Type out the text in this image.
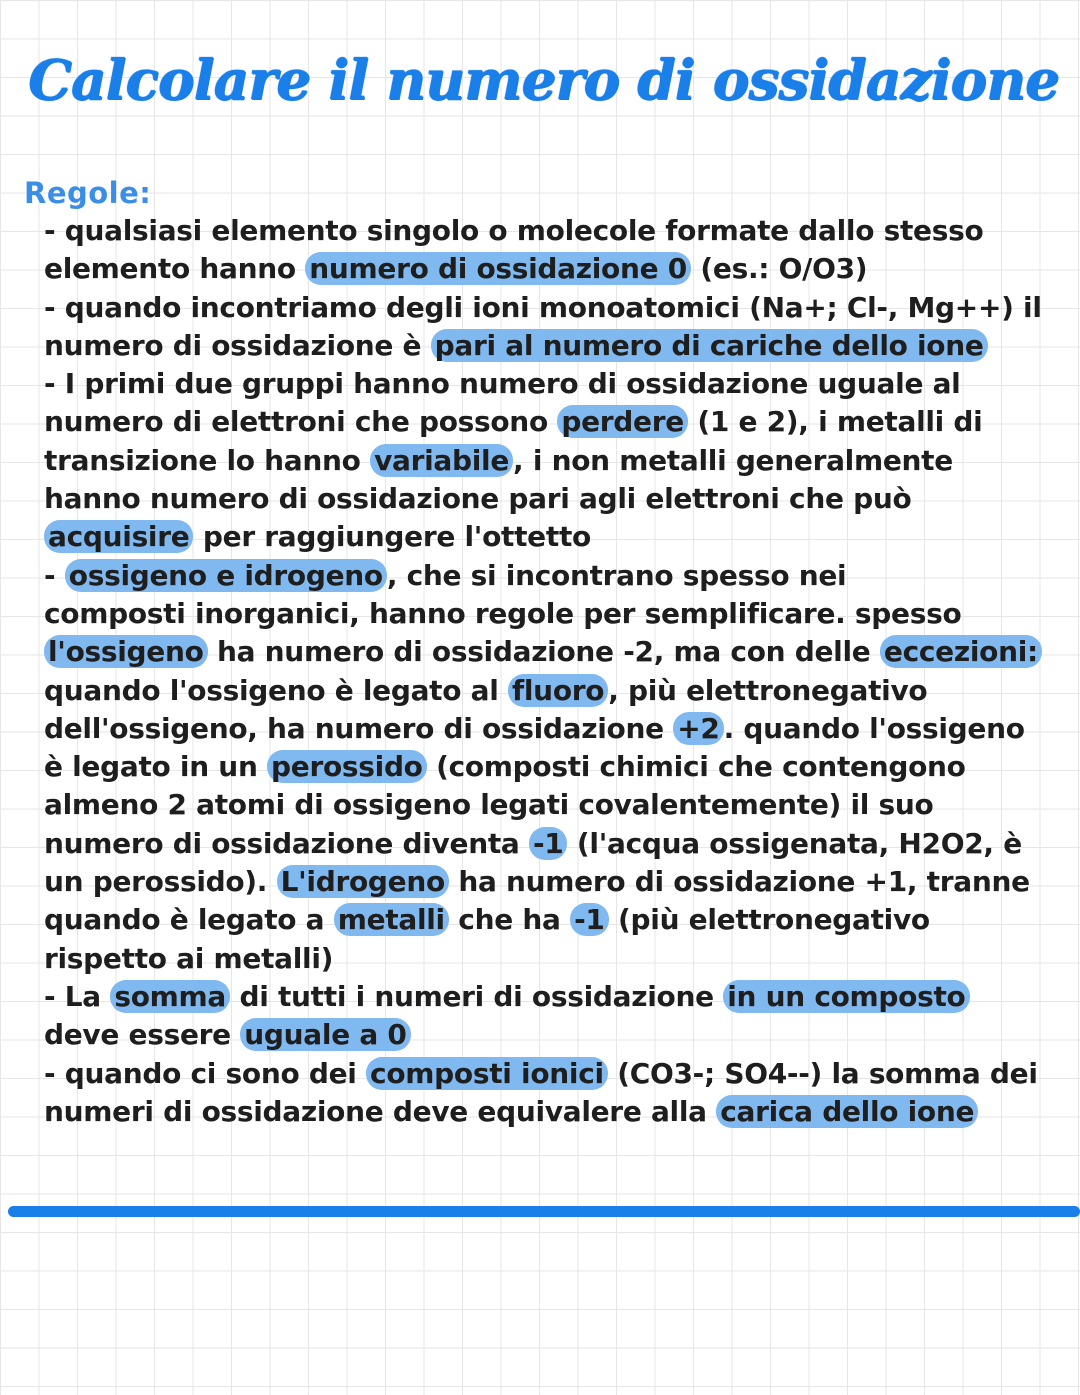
Calcolare il numero di ossidazione
Regole:
- qualsiasi elemento singolo o molecole formate dallo stesso
elemento hanno numero di ossidazione 0 (es.: O/O3)
- quando incontriamo degli ioni monoatomici (Na+; Cl-, Mg++) il
numero di ossidazione è pari al numero di cariche dello ione
- I primi due gruppi hanno numero di ossidazione uguale al
numero di elettroni che possono perdere (1 e 2), i metalli di
transizione lo hanno variabile , i non metalli generalmente
hanno numero di ossidazione pari agli elettroni che può
acquisire per raggiungere l'ottetto
- ossigeno e idrogeno , che si incontrano spesso nei
composti inorganici, hanno regole per semplificare. spesso
l'ossigeno ha numero di ossidazione -2, ma con delle eccezioni:
quando l'ossigeno è legato al fluoro , più elettronegativo
dell'ossigeno, ha numero di ossidazione +2 . quando l'ossigeno
è legato in un perossido (composti chimici che contengono
almeno 2 atomi di ossigeno legati covalentemente) il suo
numero di ossidazione diventa -1 (l'acqua ossigenata, H2O2, è
un perossido). L'idrogeno ha numero di ossidazione +1, tranne
quando è legato a metalli che ha -1 (più elettronegativo
rispetto ai metalli)
- La somma di tutti i numeri di ossidazione in un composto
deve essere uguale a 0
- quando ci sono dei composti ionici (CO3-; SO4--) la somma dei
numeri di ossidazione deve equivalere alla carica dello ione
